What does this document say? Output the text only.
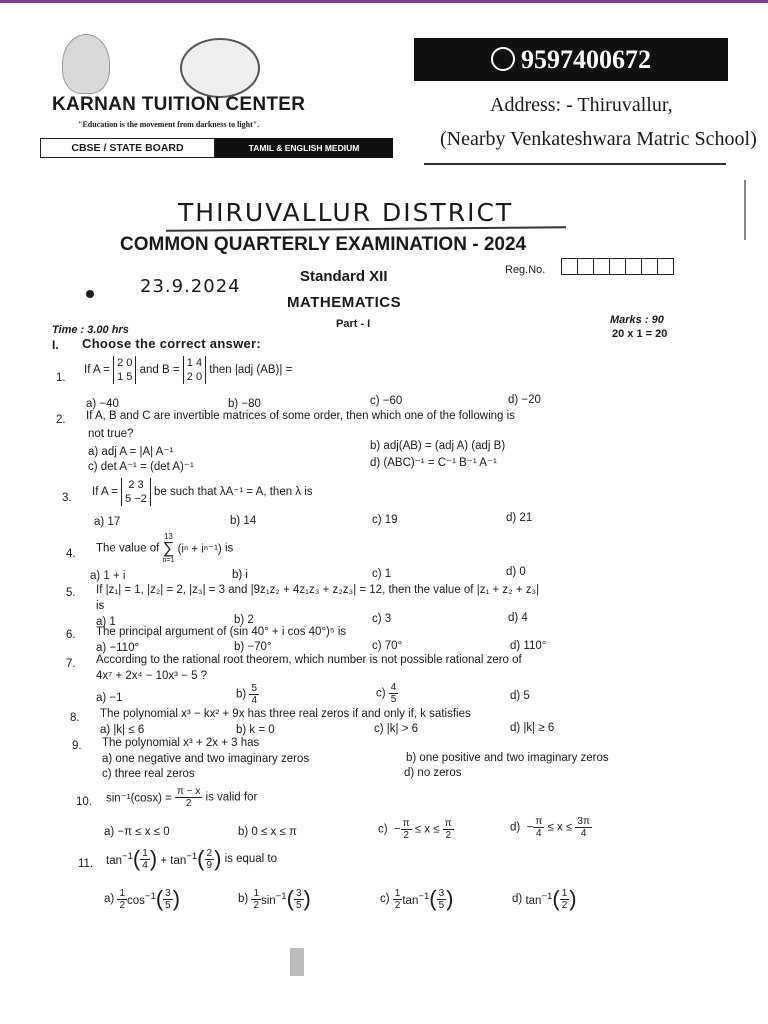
KARNAN TUITION CENTER
"Education is the movement from darkness to light".
CBSE / STATE BOARD	TAMIL & ENGLISH MEDIUM
9597400672
Address: - Thiruvallur,
(Nearby Venkateshwara Matric School)
THIRUVALLUR DISTRICT
COMMON QUARTERLY EXAMINATION - 2024
23.9.2024	Standard XII	Reg.No.
MATHEMATICS
Time : 3.00 hrs	Part - I	Marks : 90
20 x 1 = 20
I. Choose the correct answer:
1.
If A =
2 0
1 5
and B =
1 4
2 0
then |adj (AB)| =
a) −40	b) −80	c) −60	d) −20
2. If A, B and C are invertible matrices of some order, then which one of the following is
not true?
a) adj A = |A| A⁻¹	b) adj(AB) = (adj A) (adj B)
c) det A⁻¹ = (det A)⁻¹	d) (ABC)⁻¹ = C⁻¹ B⁻¹ A⁻¹
3. If A =
2 3
5 −2
be such that λA⁻¹ = A, then λ is
a) 17	b) 14	c) 19	d) 21
4. The value of
13
∑
n=1
(iⁿ + iⁿ⁻¹) is
a) 1 + i	b) i	c) 1	d) 0
5. If |z₁| = 1, |z₂| = 2, |z₃| = 3 and |9z₁z₂ + 4z₁z₃ + z₂z₃| = 12, then the value of |z₁ + z₂ + z₃|
is
a) 1	b) 2	c) 3	d) 4
6. The principal argument of (sin 40° + i cos 40°)⁵ is
a) −110°	b) −70°	c) 70°	d) 110°
7. According to the rational root theorem, which number is not possible rational zero of
4x⁷ + 2x⁴ − 10x³ − 5 ?
a) −1	$b) \frac{5}{4}$	$c) \frac{4}{5}$	d) 5
8. The polynomial x³ − kx² + 9x has three real zeros if and only if, k satisfies
a) |k| ≤ 6	b) k = 0	c) |k| > 6	d) |k| ≥ 6
9. The polynomial x³ + 2x + 3 has
a) one negative and two imaginary zeros	b) one positive and two imaginary zeros
c) three real zeros	d) no zeros
10. $\sin^{-1}(\cos x) = \frac{\pi - x}{2}$ is valid for
a) −π ≤ x ≤ 0	b) 0 ≤ x ≤ π	$c) - \frac{\pi}{2} \le x \le \frac{\pi}{2}$	$d) - \frac{\pi}{4} \le x \le \frac{3\pi}{4}$
11. $\tan^{-1}( \frac{1}{4}$ ) + $\tan^{-1}( \frac{2}{9}$ ) is equal to
$a) \frac{1}{2} \cos^{-1}( \frac{3}{5}$ )	$b) \frac{1}{2} \sin^{-1}( \frac{3}{5}$ )	$c) \frac{1}{2} \tan^{-1}( \frac{3}{5}$ )	d) $\tan^{-1}( \frac{1}{2}$ )
